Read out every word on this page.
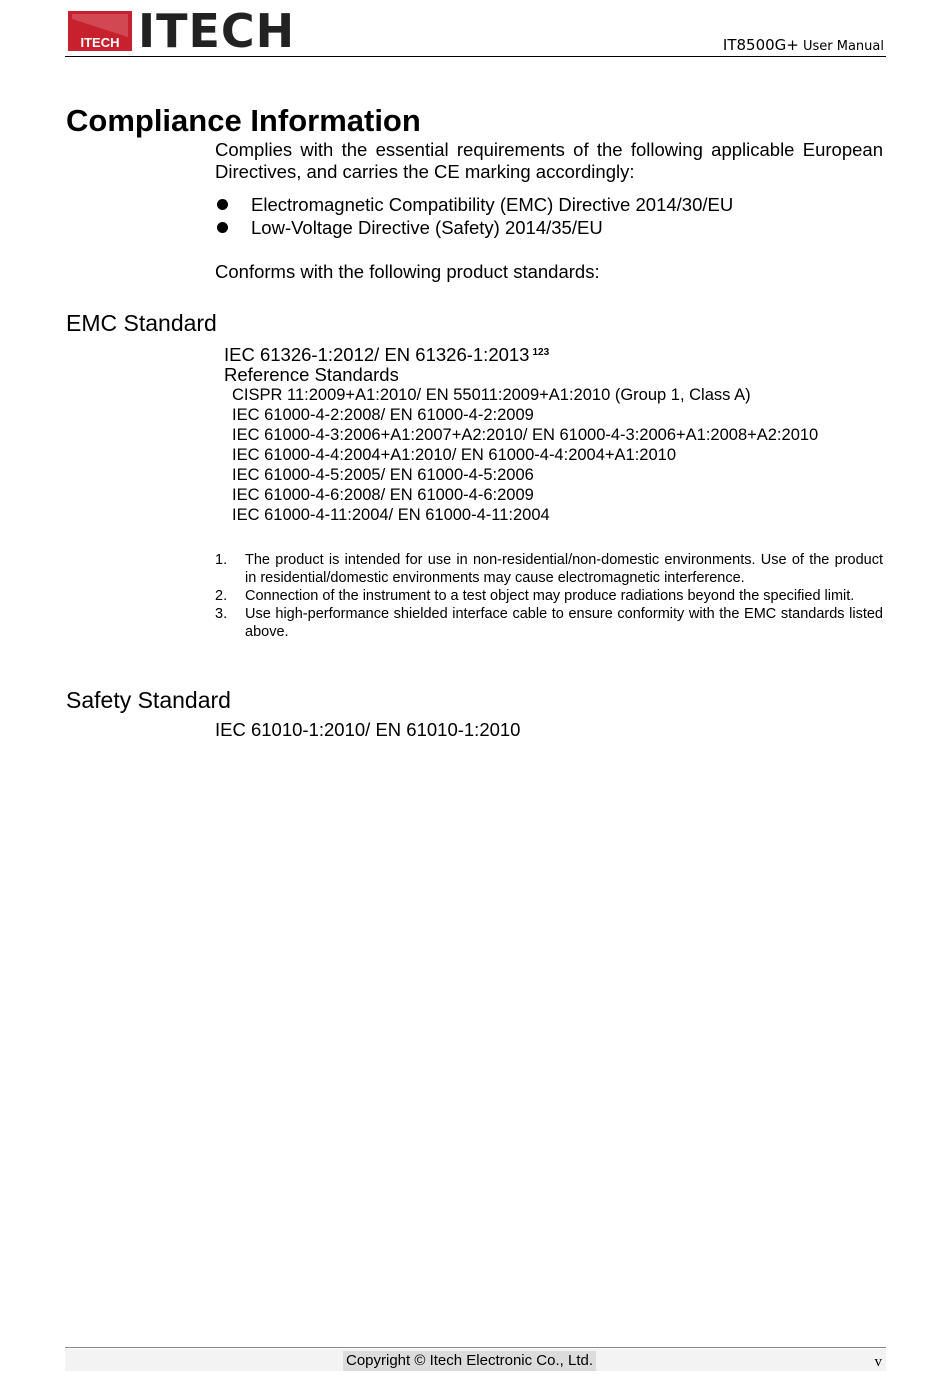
ITECH ITECH	IT8500G+ User Manual
Compliance Information

Complies with the essential requirements of the following applicable European Directives, and carries the CE marking accordingly:

Electromagnetic Compatibility (EMC) Directive 2014/30/EU
Low-Voltage Directive (Safety) 2014/35/EU

Conforms with the following product standards:

EMC Standard
IEC 61326-1:2012/ EN 61326-1:2013 $^{123}$
Reference Standards
CISPR 11:2009+A1:2010/ EN 55011:2009+A1:2010 (Group 1, Class A)
IEC 61000-4-2:2008/ EN 61000-4-2:2009
IEC 61000-4-3:2006+A1:2007+A2:2010/ EN 61000-4-3:2006+A1:2008+A2:2010
IEC 61000-4-4:2004+A1:2010/ EN 61000-4-4:2004+A1:2010
IEC 61000-4-5:2005/ EN 61000-4-5:2006
IEC 61000-4-6:2008/ EN 61000-4-6:2009
IEC 61000-4-11:2004/ EN 61000-4-11:2004
1. The product is intended for use in non-residential/non-domestic environments. Use of the product in residential/domestic environments may cause electromagnetic interference.
2. Connection of the instrument to a test object may produce radiations beyond the specified limit.
3. Use high-performance shielded interface cable to ensure conformity with the EMC standards listed above.
Safety Standard

IEC 61010-1:2010/ EN 61010-1:2010

Copyright © Itech Electronic Co., Ltd.	v
